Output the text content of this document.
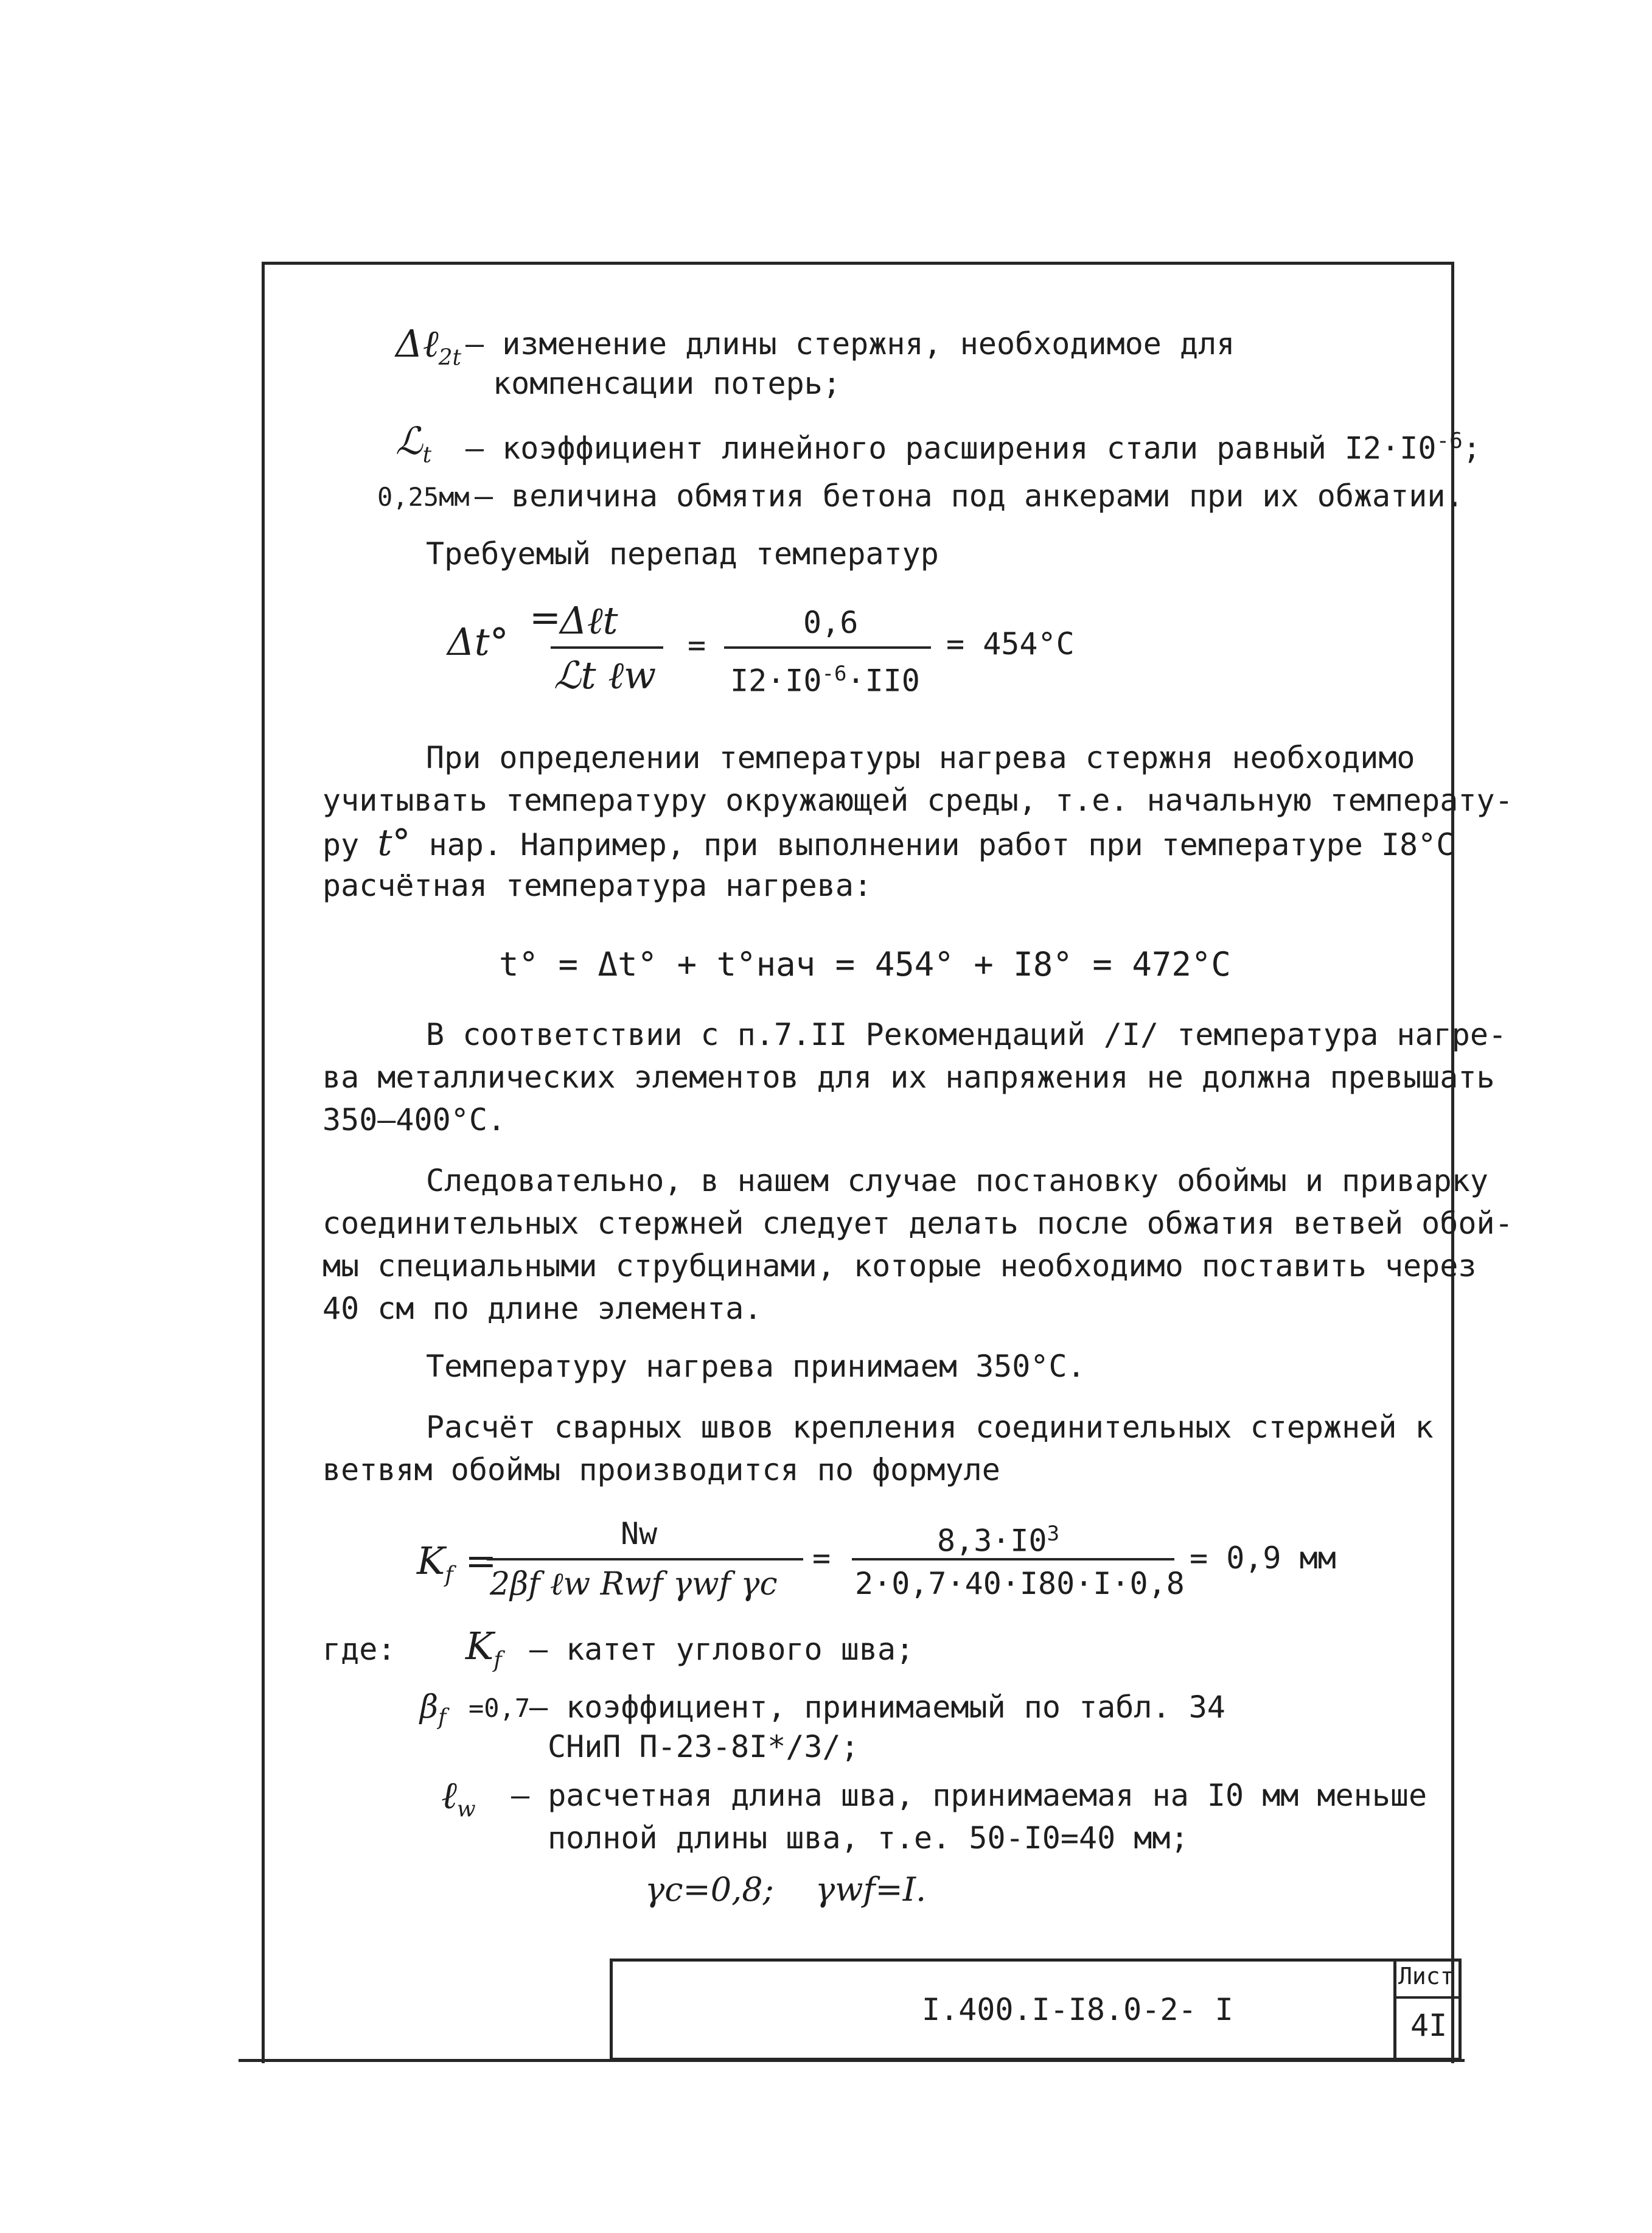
Δℓ$_{2t}$ – изменение длины стержня, необходимое для
компенсации потерь;
ℒ$_t$ – коэффициент линейного расширения стали равный $I2\cdot I0^{-6}$;
0,25мм – величина обмятия бетона под анкерами при их обжатии.
Требуемый перепад температур
Δt°
=
Δℓt
ℒt ℓw
=
0,6
$I2\cdot I0^{-6}\cdot II0$
= 454°С
При определении температуры нагрева стержня необходимо
учитывать температуру окружающей среды, т.е. начальную температу-
ру t° нар. Например, при выполнении работ при температуре I8°С
расчётная температура нагрева:
t° = Δt° + t°нач = 454° + I8° = 472°С
В соответствии с п.7.II Рекомендаций /I/ температура нагре-
ва металлических элементов для их напряжения не должна превышать
350–400°С.
Следовательно, в нашем случае постановку обоймы и приварку
соединительных стержней следует делать после обжатия ветвей обой-
мы специальными струбцинами, которые необходимо поставить через
40 см по длине элемента.
Температуру нагрева принимаем 350°С.
Расчёт сварных швов крепления соединительных стержней к
ветвям обоймы производится по формуле
$K_f$ =
Nw
2βf ℓw Rwf γwf γc
=	$8,3\cdot I0^3$
2·0,7·40·I80·I·0,8
= 0,9 мм
где: $K_f$ – катет углового шва;
$\beta_f =0,7$
– коэффициент, принимаемый по табл. 34
СНиП П-23-8I*/3/;
ℓ$_w$ – расчетная длина шва, принимаемая на I0 мм меньше
полной длины шва, т.е. 50-I0=40 мм;
γc=0,8; γwf=I.
I.400.I-I8.0-2- I
Лист
4I
